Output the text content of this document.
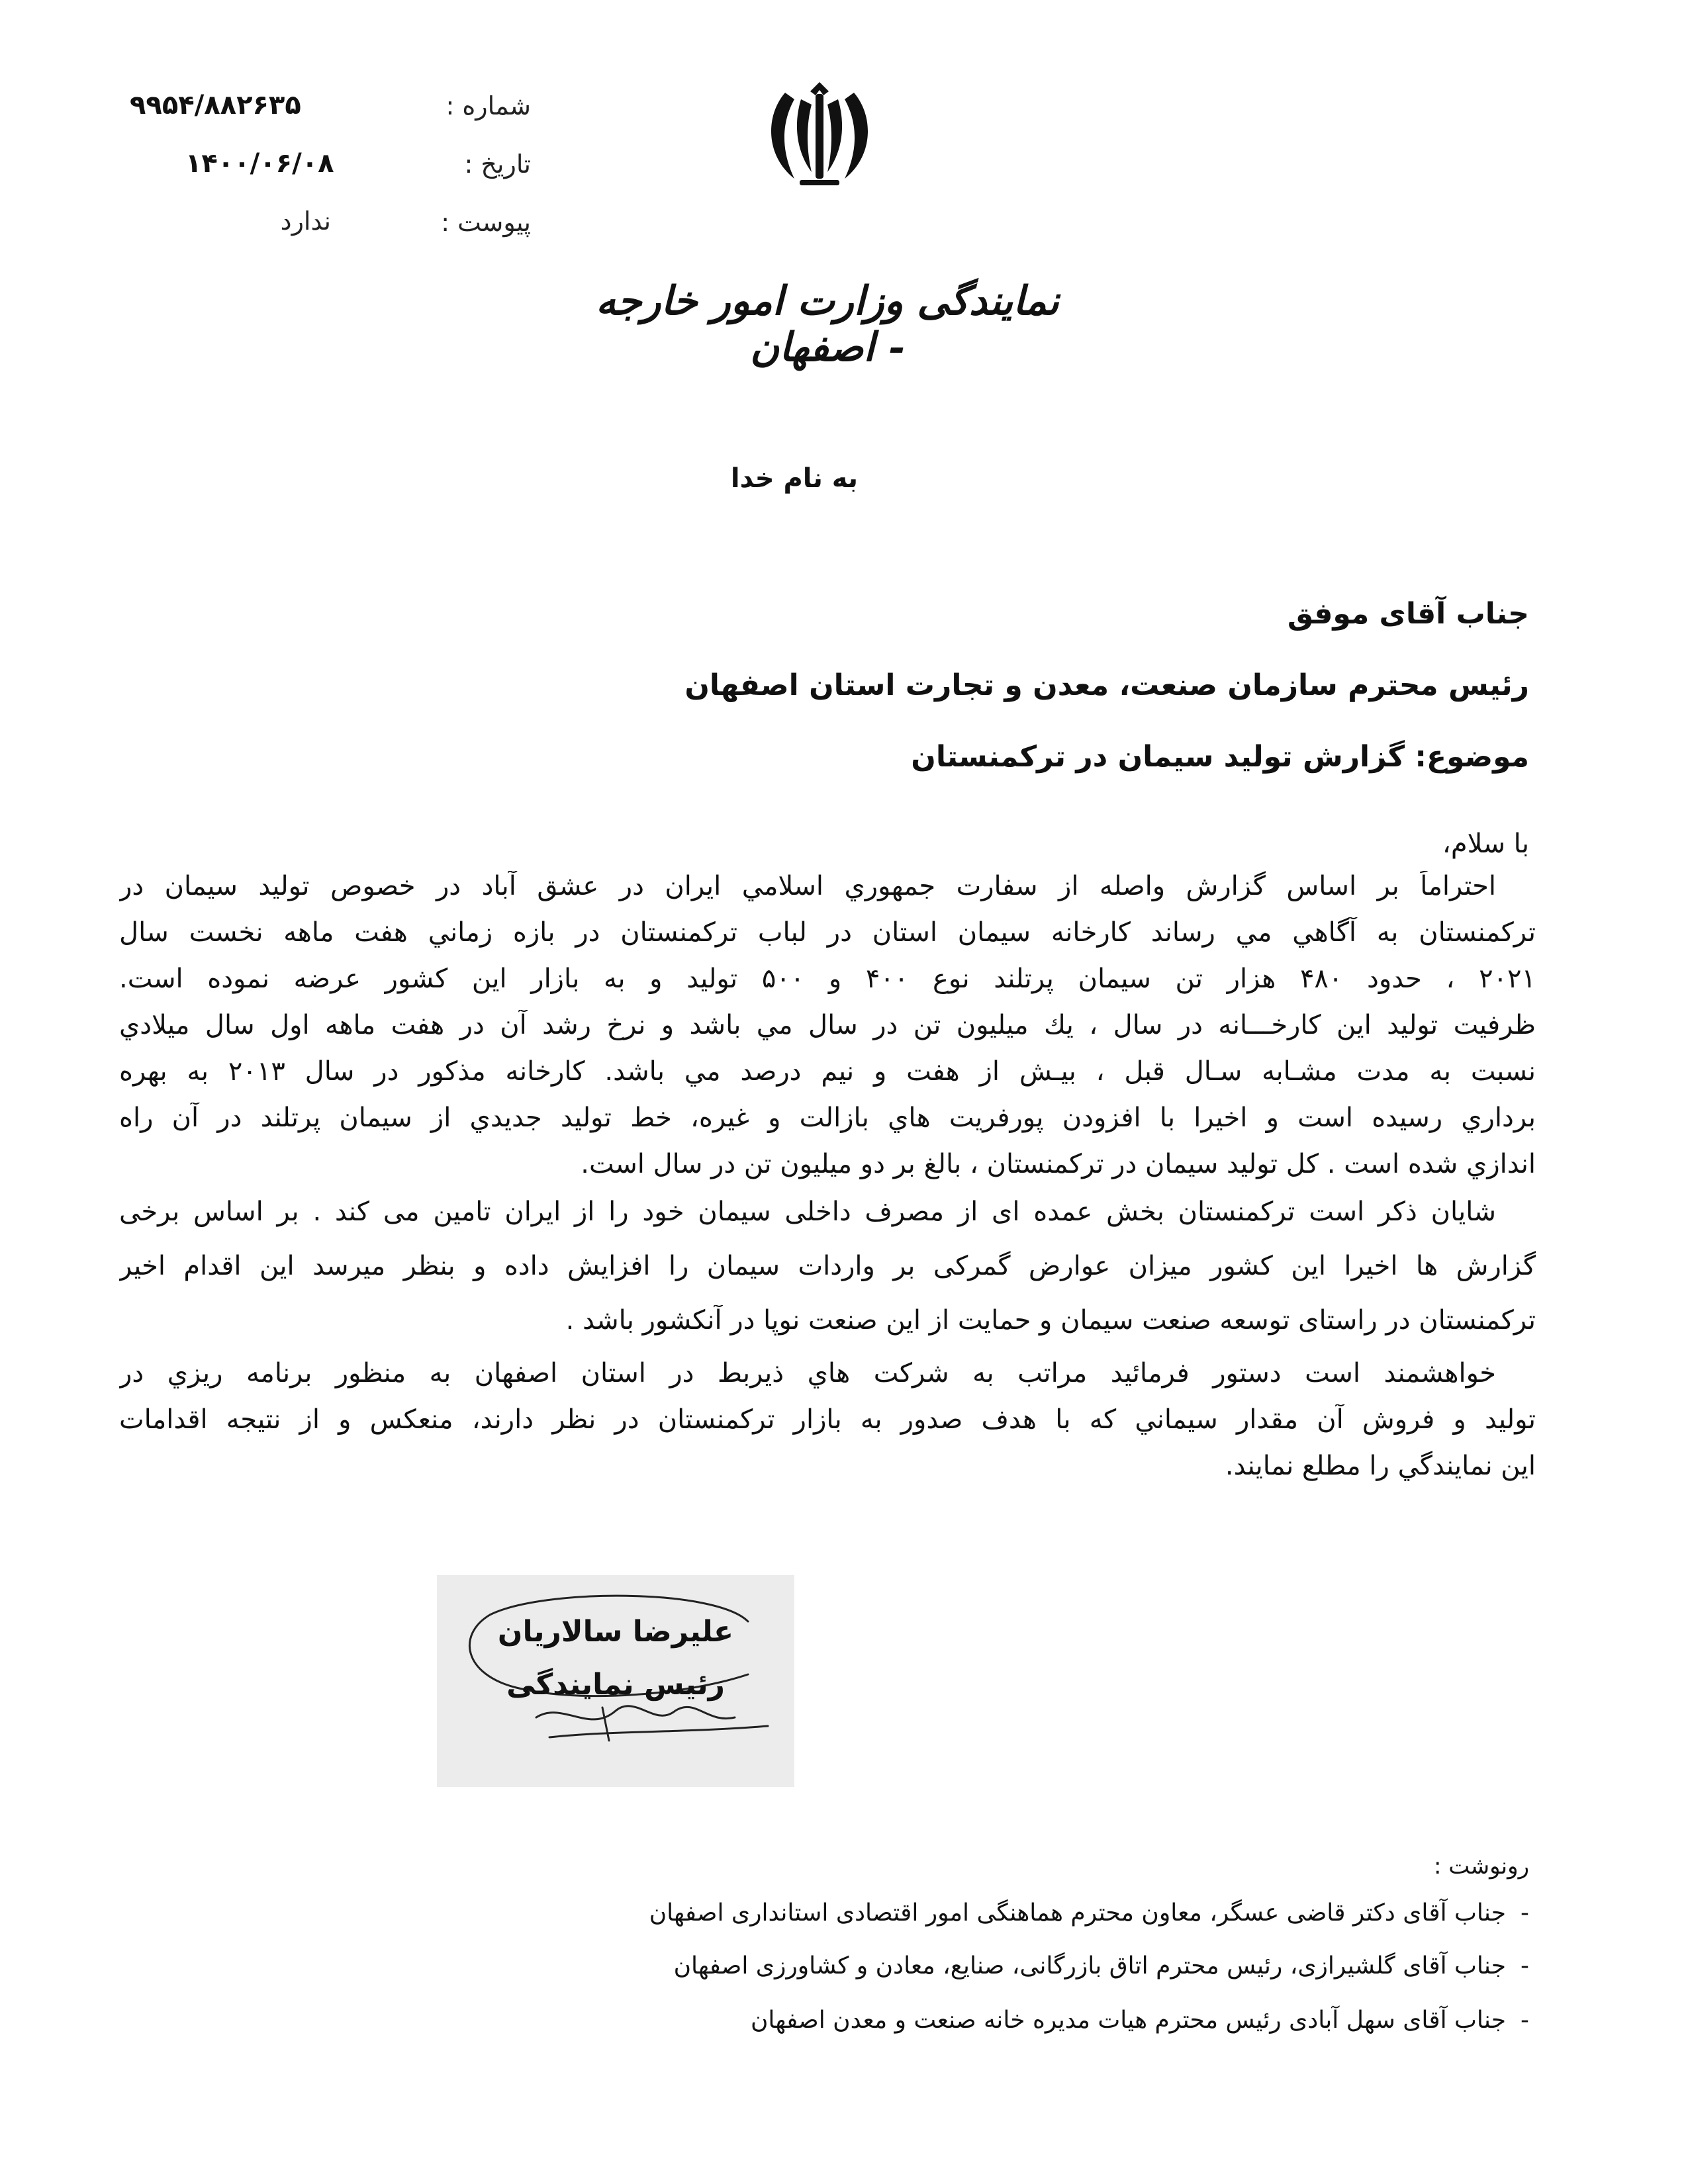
شماره :
۹۹۵۴/۸۸۲۶۳۵
تاریخ :
۱۴۰۰/۰۶/۰۸
پیوست :
ندارد
نمایندگی وزارت امور خارجه - اصفهان
به نام خدا
جناب آقای موفق
رئیس محترم سازمان صنعت، معدن و تجارت استان اصفهان
موضوع: گزارش تولید سیمان در ترکمنستان
با سلام،
احتراماً بر اساس گزارش واصله از سفارت جمهوري اسلامي ايران در عشق آباد در خصوص توليد سيمان در
تركمنستان به آگاهي مي رساند كارخانه سيمان استان در لباب تركمنستان در بازه زماني هفت ماهه نخست سال
۲۰۲۱ ، حدود ۴۸۰ هزار تن سيمان پرتلند نوع ۴۰۰ و ۵۰۰ توليد و به بازار اين كشور عرضه نموده است.
ظرفيت توليد اين كارخـــانه در سال ، يك ميليون تن در سال مي باشد و نرخ رشد آن در هفت ماهه اول سال ميلادي
نسبت به مدت مشـابه سـال قبل ، بيـش از هفت و نيم درصد مي باشد. كارخانه مذكور در سال ۲۰۱۳ به بهره
برداري رسيده است و اخيرا با افزودن پورفريت هاي بازالت و غيره، خط توليد جديدي از سيمان پرتلند در آن راه
اندازي شده است . كل توليد سيمان در تركمنستان ، بالغ بر دو ميليون تن در سال است.
شایان ذکر است ترکمنستان بخش عمده ای از مصرف داخلی سیمان خود را از ایران تامین می کند . بر اساس برخی
گزارش ها اخیرا این کشور میزان عوارض گمرکی بر واردات سیمان را افزایش داده و بنظر میرسد این اقدام اخیر
ترکمنستان در راستای توسعه صنعت سیمان و حمایت از این صنعت نوپا در آنکشور باشد .
خواهشمند است دستور فرمائيد مراتب به شركت هاي ذيربط در استان اصفهان به منظور برنامه ريزي در
توليد و فروش آن مقدار سيماني كه با هدف صدور به بازار تركمنستان در نظر دارند، منعكس و از نتيجه اقدامات
اين نمايندگي را مطلع نمايند.
علیرضا سالاریان
رئیس نمایندگی
رونوشت :
-جناب آقای دکتر قاضی عسگر، معاون محترم هماهنگی امور اقتصادی استانداری اصفهان
-جناب آقای گلشیرازی، رئیس محترم اتاق بازرگانی، صنایع، معادن و کشاورزی اصفهان
-جناب آقای سهل آبادی رئیس محترم هیات مدیره خانه صنعت و معدن اصفهان
